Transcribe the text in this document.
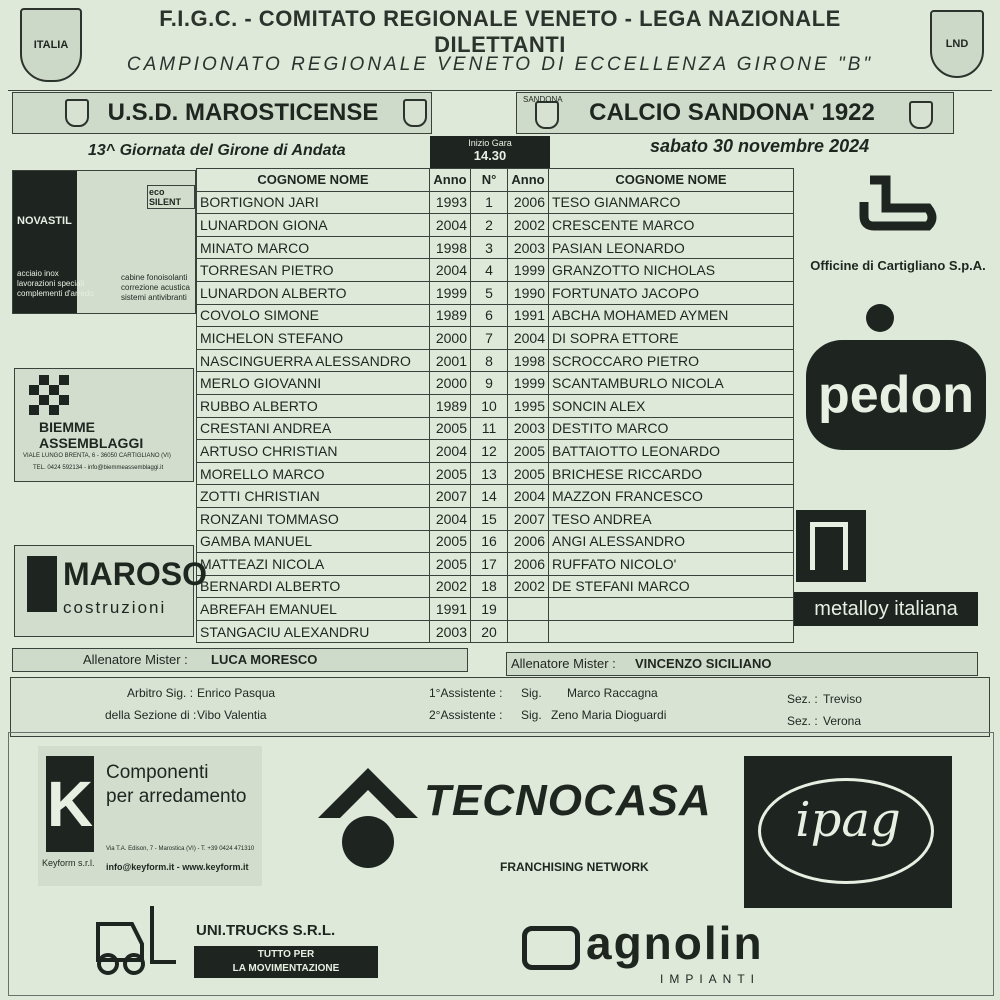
ITALIA	LND
F.I.G.C. - COMITATO REGIONALE VENETO - LEGA NAZIONALE DILETTANTI
CAMPIONATO REGIONALE VENETO DI ECCELLENZA GIRONE "B"
U.S.D. MAROSTICENSE	SANDONA	CALCIO SANDONA' 1922
13^ Giornata del Girone di Andata	Inizio Gara
14.30	sabato 30 novembre 2024
COGNOME NOME	Anno	N°	Anno	COGNOME NOME
BORTIGNON JARI	1993	1	2006	TESO GIANMARCO
LUNARDON GIONA	2004	2	2002	CRESCENTE MARCO
MINATO MARCO	1998	3	2003	PASIAN LEONARDO
TORRESAN PIETRO	2004	4	1999	GRANZOTTO NICHOLAS
LUNARDON ALBERTO	1999	5	1990	FORTUNATO JACOPO
COVOLO SIMONE	1989	6	1991	ABCHA MOHAMED AYMEN
MICHELON STEFANO	2000	7	2004	DI SOPRA ETTORE
NASCINGUERRA ALESSANDRO	2001	8	1998	SCROCCARO PIETRO
MERLO GIOVANNI	2000	9	1999	SCANTAMBURLO NICOLA
RUBBO ALBERTO	1989	10	1995	SONCIN ALEX
CRESTANI ANDREA	2005	11	2003	DESTITO MARCO
ARTUSO CHRISTIAN	2004	12	2005	BATTAIOTTO LEONARDO
MORELLO MARCO	2005	13	2005	BRICHESE RICCARDO
ZOTTI CHRISTIAN	2007	14	2004	MAZZON FRANCESCO
RONZANI TOMMASO	2004	15	2007	TESO ANDREA
GAMBA MANUEL	2005	16	2006	ANGI ALESSANDRO
MATTEAZI NICOLA	2005	17	2006	RUFFATO NICOLO'
BERNARDI ALBERTO	2002	18	2002	DE STEFANI MARCO
ABREFAH EMANUEL	1991	19		
STANGACIU ALEXANDRU	2003	20		
NOVASTIL
acciaio inox
lavorazioni speciali
complementi d'arredo
eco SILENT
cabine fonoisolanti
correzione acustica
sistemi antivibranti
BIEMME ASSEMBLAGGI
VIALE LUNGO BRENTA, 6 - 36050 CARTIGLIANO (VI)
TEL. 0424 592134 - info@biemmeassemblaggi.it
MAROSO
costruzioni
Officine di Cartigliano S.p.A.
pedon
metalloy italiana
Allenatore Mister : LUCA MORESCO	Allenatore Mister : VINCENZO SICILIANO
Arbitro Sig. : Enrico Pasqua
della Sezione di : Vibo Valentia
1°Assistente : Sig. Marco Raccagna
2°Assistente : Sig. Zeno Maria Dioguardi
Sez. : Treviso
Sez. : Verona
K Componenti
per arredamento
Keyform s.r.l.
Via T.A. Edison, 7 - Marostica (VI) - T. +39 0424 471310
info@keyform.it - www.keyform.it
TECNOCASA
FRANCHISING NETWORK
ipag
UNI.TRUCKS S.R.L.
TUTTO PER
LA MOVIMENTAZIONE	agnolin
IMPIANTI
